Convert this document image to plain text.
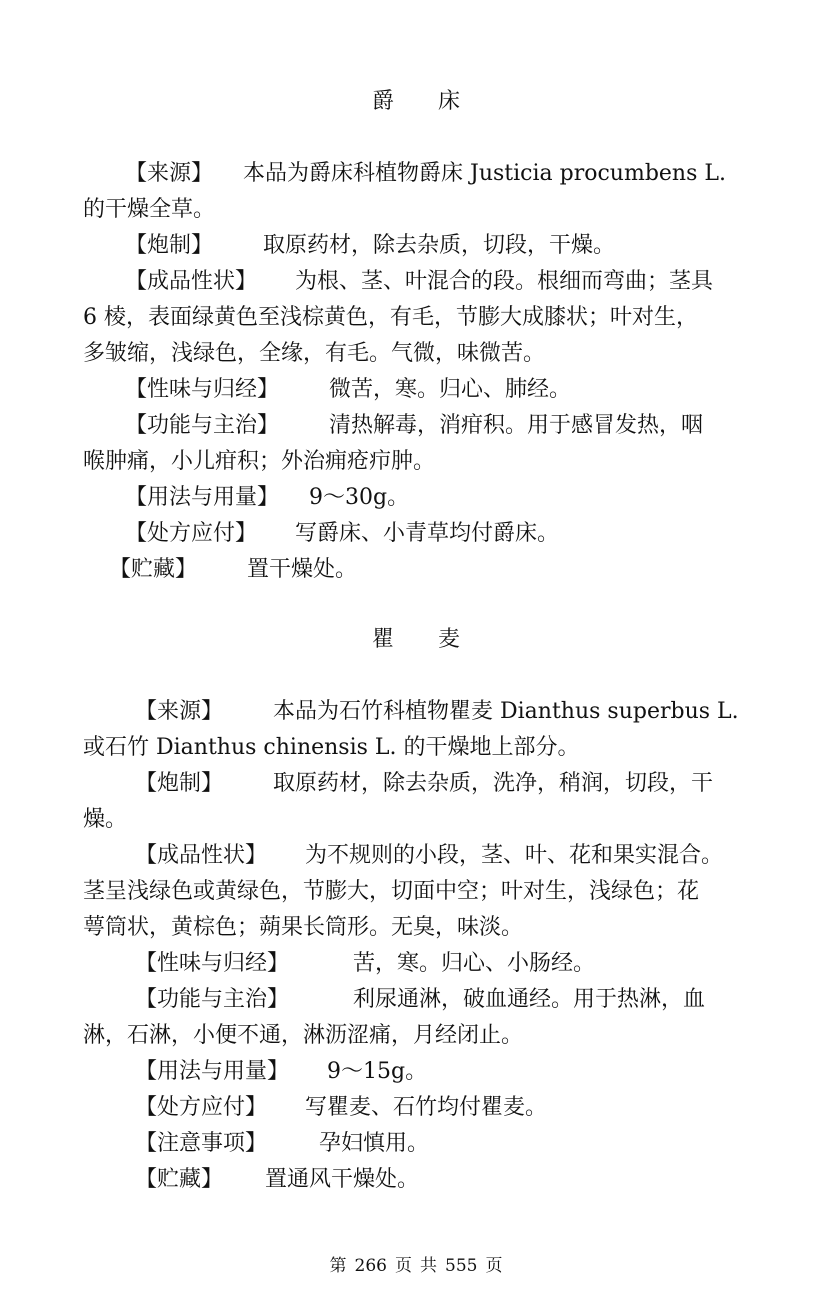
爵 床
【来源】 本品为爵床科植物爵床 Justicia procumbens L.
的干燥全草。
【炮制】 取原药材，除去杂质，切段，干燥。
【成品性状】 为根、茎、叶混合的段。根细而弯曲；茎具
6 棱，表面绿黄色至浅棕黄色，有毛，节膨大成膝状；叶对生，
多皱缩，浅绿色，全缘，有毛。气微，味微苦。
【性味与归经】 微苦，寒。归心、肺经。
【功能与主治】 清热解毒，消疳积。用于感冒发热，咽
喉肿痛，小儿疳积；外治痈疮疖肿。
【用法与用量】 9～30g。
【处方应付】 写爵床、小青草均付爵床。
【贮藏】 置干燥处。
瞿 麦
【来源】 本品为石竹科植物瞿麦 Dianthus superbus L.
或石竹 Dianthus chinensis L. 的干燥地上部分。
【炮制】 取原药材，除去杂质，洗净，稍润，切段，干
燥。
【成品性状】 为不规则的小段，茎、叶、花和果实混合。
茎呈浅绿色或黄绿色，节膨大，切面中空；叶对生，浅绿色；花
萼筒状，黄棕色；蒴果长筒形。无臭，味淡。
【性味与归经】	苦，寒。归心、小肠经。
【功能与主治】	利尿通淋，破血通经。用于热淋，血
淋，石淋，小便不通，淋沥涩痛，月经闭止。
【用法与用量】 9～15g。
【处方应付】 写瞿麦、石竹均付瞿麦。
【注意事项】 孕妇慎用。
【贮藏】 置通风干燥处。
第 266 页 共 555 页
